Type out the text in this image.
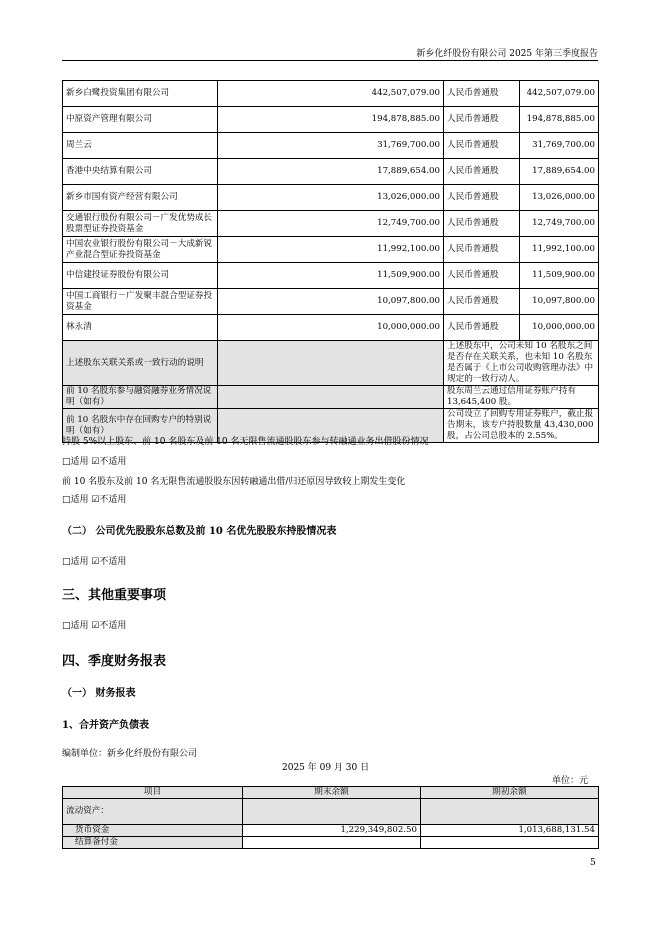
新乡化纤股份有限公司 2025 年第三季度报告
新乡白鹭投资集团有限公司	442,507,079.00	人民币普通股	442,507,079.00
中原资产管理有限公司	194,878,885.00	人民币普通股	194,878,885.00
周兰云	31,769,700.00	人民币普通股	31,769,700.00
香港中央结算有限公司	17,889,654.00	人民币普通股	17,889,654.00
新乡市国有资产经营有限公司	13,026,000.00	人民币普通股	13,026,000.00
交通银行股份有限公司－广发优势成长股票型证券投资基金	12,749,700.00	人民币普通股	12,749,700.00
中国农业银行股份有限公司－大成新锐产业混合型证券投资基金	11,992,100.00	人民币普通股	11,992,100.00
中信建投证券股份有限公司	11,509,900.00	人民币普通股	11,509,900.00
中国工商银行－广发聚丰混合型证券投资基金	10,097,800.00	人民币普通股	10,097,800.00
林永清	10,000,000.00	人民币普通股	10,000,000.00
上述股东关联关系或一致行动的说明		上述股东中，公司未知 10 名股东之间是否存在关联关系，也未知 10 名股东是否属于《上市公司收购管理办法》中规定的一致行动人。	
前 10 名股东参与融资融券业务情况说明（如有）		股东周兰云通过信用证券账户持有 13,645,400 股。	
前 10 名股东中存在回购专户的特别说明（如有）		公司设立了回购专用证券账户，截止报告期末，该专户持股数量 43,430,000 股，占公司总股本的 2.55%。	
持股 5%以上股东、前 10 名股东及前 10 名无限售流通股股东参与转融通业务出借股份情况
□适用 ☑不适用
前 10 名股东及前 10 名无限售流通股股东因转融通出借/归还原因导致较上期发生变化
□适用 ☑不适用
（二） 公司优先股股东总数及前 10 名优先股股东持股情况表
□适用 ☑不适用
三、其他重要事项
□适用 ☑不适用
四、季度财务报表
（一） 财务报表
1、合并资产负债表
编制单位：新乡化纤股份有限公司
2025 年 09 月 30 日
单位：元
项目	期末余额	期初余额
流动资产：		
货币资金	1,229,349,802.50	1,013,688,131.54
结算备付金		
5
